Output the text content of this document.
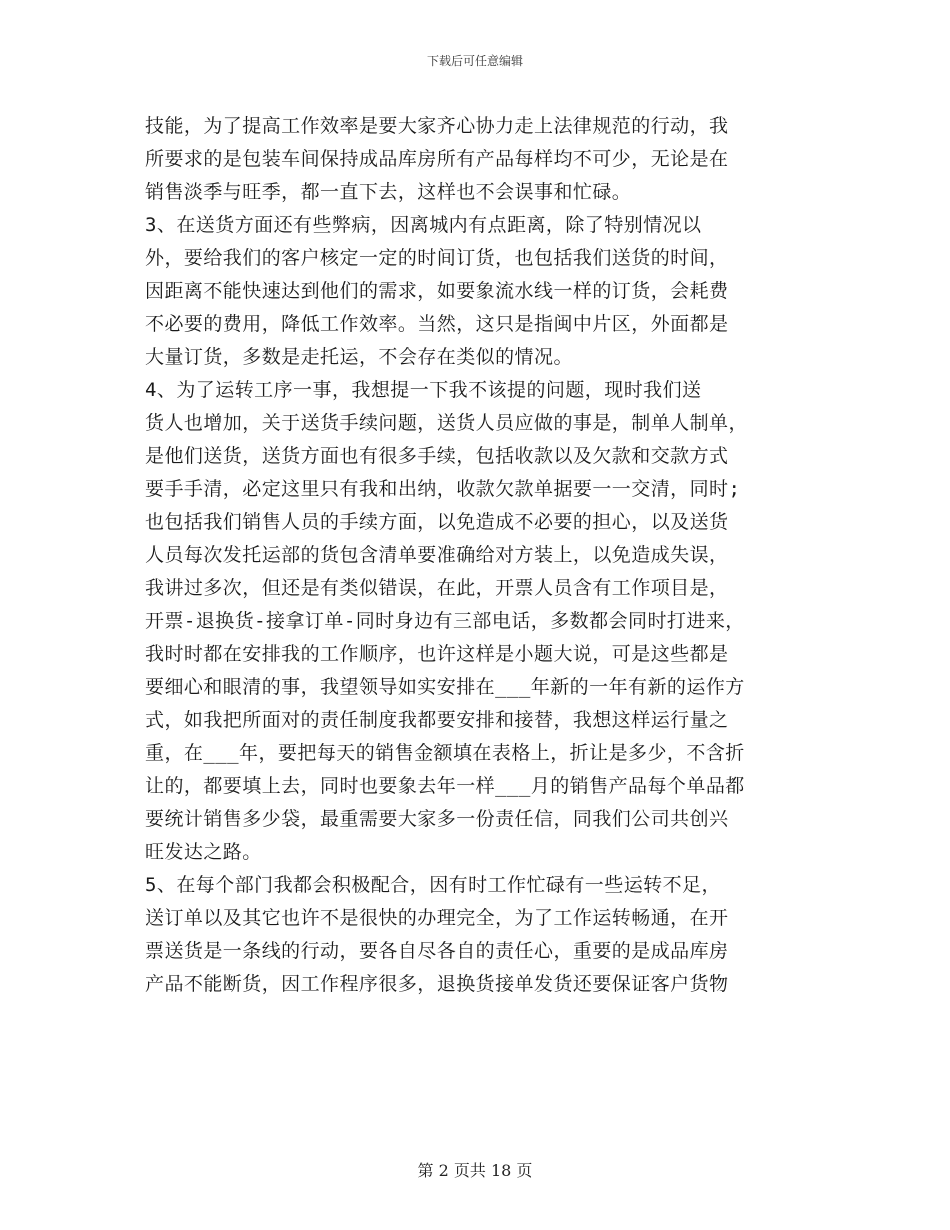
下载后可任意编辑
技能，为了提高工作效率是要大家齐心协力走上法律规范的行动，我
所要求的是包装车间保持成品库房所有产品每样均不可少，无论是在
销售淡季与旺季，都一直下去，这样也不会误事和忙碌。
3、在送货方面还有些弊病，因离城内有点距离，除了特别情况以
外，要给我们的客户核定一定的时间订货，也包括我们送货的时间，
因距离不能快速达到他们的需求，如要象流水线一样的订货，会耗费
不必要的费用，降低工作效率。当然，这只是指闽中片区，外面都是
大量订货，多数是走托运，不会存在类似的情况。
4、为了运转工序一事，我想提一下我不该提的问题，现时我们送
货人也增加，关于送货手续问题，送货人员应做的事是，制单人制单，
是他们送货，送货方面也有很多手续，包括收款以及欠款和交款方式
要手手清，必定这里只有我和出纳，收款欠款单据要一一交清，同时;
也包括我们销售人员的手续方面，以免造成不必要的担心，以及送货
人员每次发托运部的货包含清单要准确给对方装上，以免造成失误，
我讲过多次，但还是有类似错误，在此，开票人员含有工作项目是，
开票-退换货-接拿订单-同时身边有三部电话，多数都会同时打进来，
我时时都在安排我的工作顺序，也许这样是小题大说，可是这些都是
要细心和眼清的事，我望领导如实安排在___年新的一年有新的运作方
式，如我把所面对的责任制度我都要安排和接替，我想这样运行量之
重，在___年，要把每天的销售金额填在表格上，折让是多少，不含折
让的，都要填上去，同时也要象去年一样___月的销售产品每个单品都
要统计销售多少袋，最重需要大家多一份责任信，同我们公司共创兴
旺发达之路。
5、在每个部门我都会积极配合，因有时工作忙碌有一些运转不足，
送订单以及其它也许不是很快的办理完全，为了工作运转畅通，在开
票送货是一条线的行动，要各自尽各自的责任心，重要的是成品库房
产品不能断货，因工作程序很多，退换货接单发货还要保证客户货物
第 2 页共 18 页
